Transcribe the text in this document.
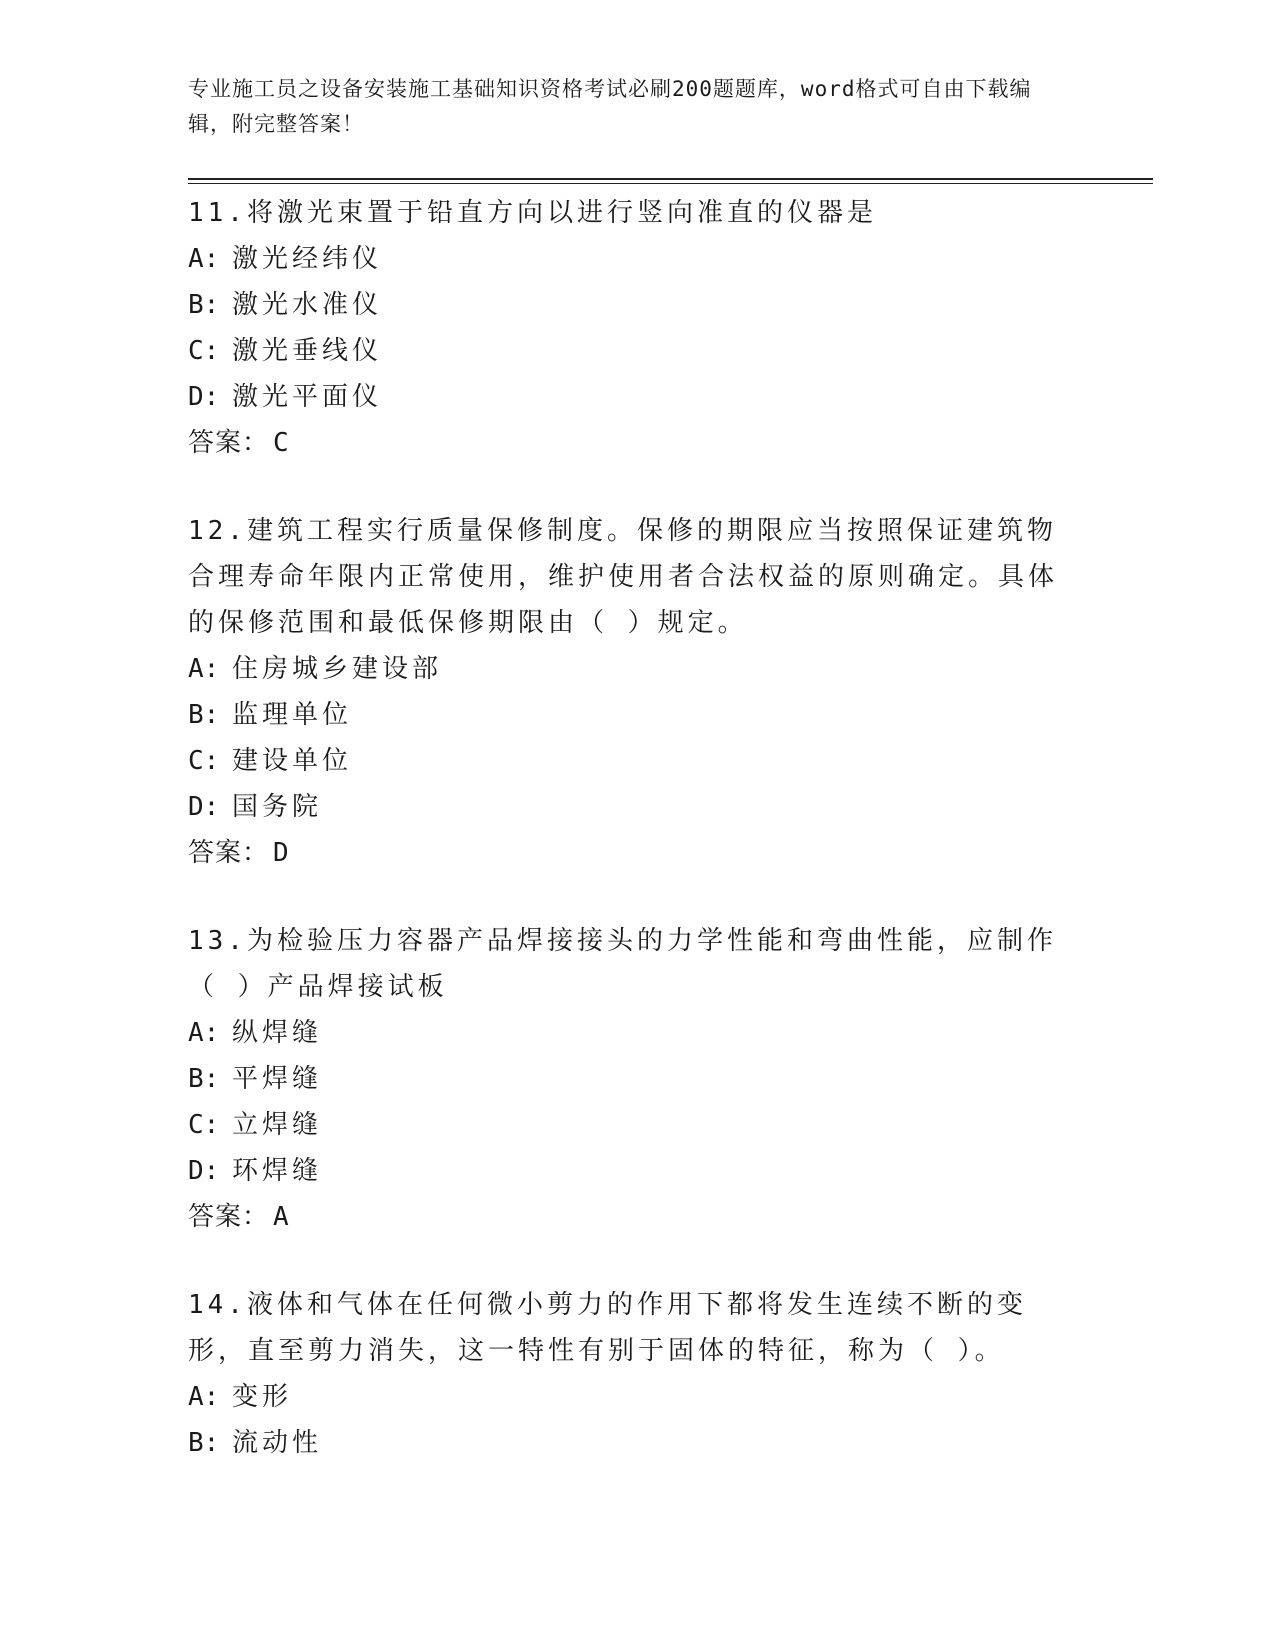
专业施工员之设备安装施工基础知识资格考试必刷200题题库，word格式可自由下载编辑，附完整答案！

11.将激光束置于铅直方向以进行竖向准直的仪器是

A: 激光经纬仪
B: 激光水准仪
C: 激光垂线仪
D: 激光平面仪
答案： C

12.建筑工程实行质量保修制度。保修的期限应当按照保证建筑物合理寿命年限内正常使用，维护使用者合法权益的原则确定。具体的保修范围和最低保修期限由（ ）规定。

A: 住房城乡建设部
B: 监理单位
C: 建设单位
D: 国务院
答案： D

13.为检验压力容器产品焊接接头的力学性能和弯曲性能，应制作（ ）产品焊接试板

A: 纵焊缝
B: 平焊缝
C: 立焊缝
D: 环焊缝
答案： A

14.液体和气体在任何微小剪力的作用下都将发生连续不断的变形，直至剪力消失，这一特性有别于固体的特征，称为（ ）。

A: 变形
B: 流动性
